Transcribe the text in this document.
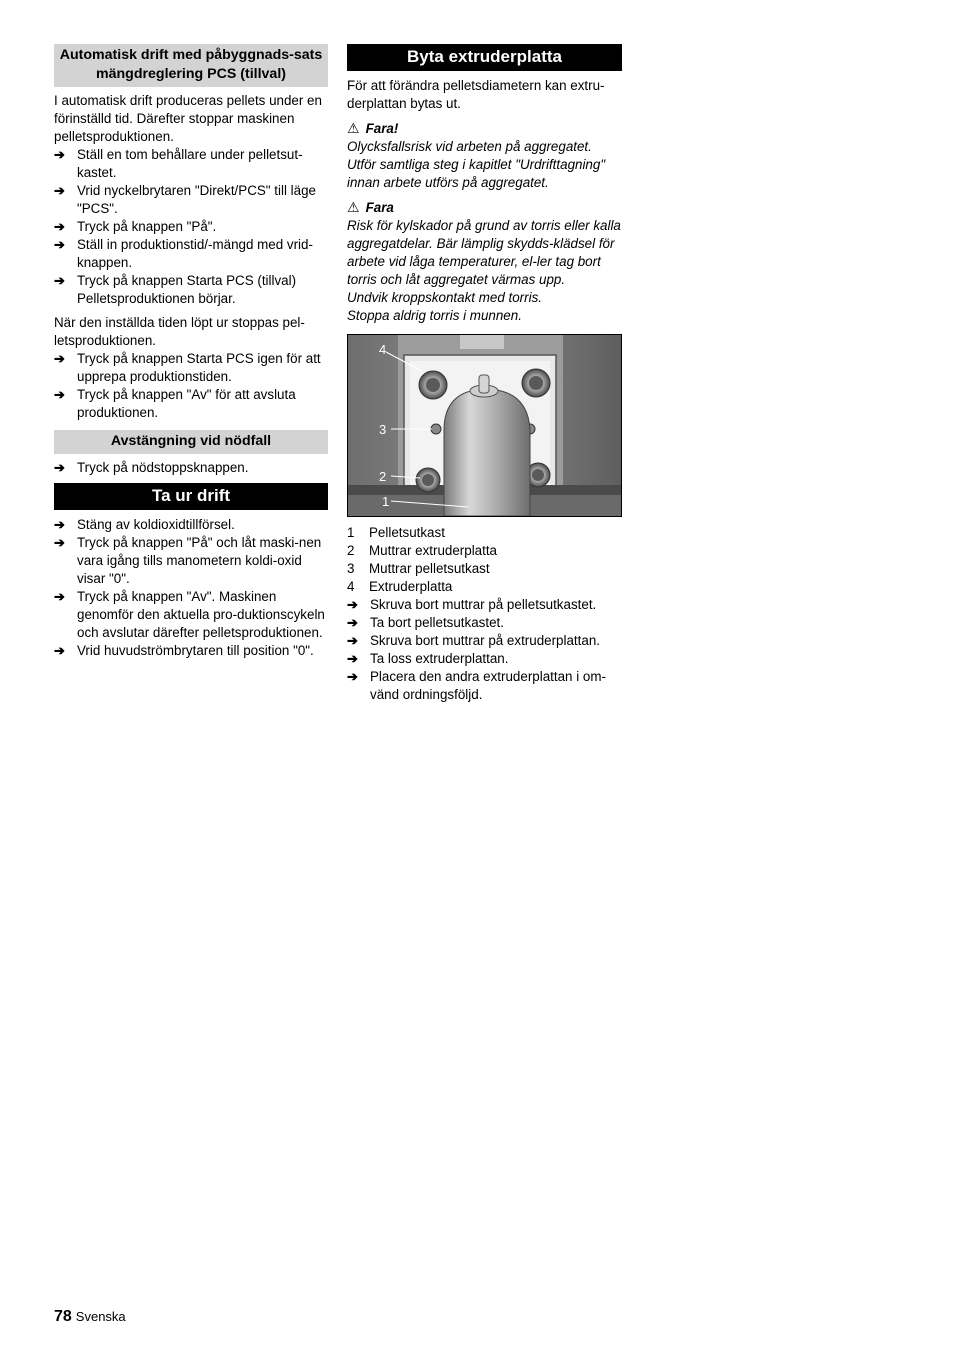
Automatisk drift med påbyggnads-sats mängdreglering PCS (tillval)

I automatisk drift produceras pellets under en förinställd tid. Därefter stoppar maskinen pelletsproduktionen.

➔ Ställ en tom behållare under pelletsut-kastet.
➔ Vrid nyckelbrytaren "Direkt/PCS" till läge "PCS".
➔ Tryck på knappen "På".
➔ Ställ in produktionstid/-mängd med vrid-knappen.
➔ Tryck på knappen Starta PCS (tillval) Pelletsproduktionen börjar.

När den inställda tiden löpt ur stoppas pel-letsproduktionen.

➔ Tryck på knappen Starta PCS igen för att upprepa produktionstiden.
➔ Tryck på knappen "Av" för att avsluta produktionen.
Avstängning vid nödfall
➔ Tryck på nödstoppsknappen.
Ta ur drift
➔ Stäng av koldioxidtillförsel.
➔ Tryck på knappen "På" och låt maski-nen vara igång tills manometern koldi-oxid visar "0".
➔ Tryck på knappen "Av". Maskinen genomför den aktuella pro-duktionscykeln och avslutar därefter pelletsproduktionen.
➔ Vrid huvudströmbrytaren till position "0".
Byta extruderplatta

För att förändra pelletsdiametern kan extru-derplattan bytas ut.

⚠ Fara!

Olycksfallsrisk vid arbeten på aggregatet. Utför samtliga steg i kapitlet "Urdrifttagning" innan arbete utförs på aggregatet.

⚠ Fara

Risk för kylskador på grund av torris eller kalla aggregatdelar. Bär lämplig skydds-klädsel för arbete vid låga temperaturer, el-ler tag bort torris och låt aggregatet värmas upp.

Undvik kroppskontakt med torris.

Stoppa aldrig torris i munnen.

4
3
2
1
1	Pelletsutkast
2	Muttrar extruderplatta
3	Muttrar pelletsutkast
4	Extruderplatta
➔ Skruva bort muttrar på pelletsutkastet.
➔ Ta bort pelletsutkastet.
➔ Skruva bort muttrar på extruderplattan.
➔ Ta loss extruderplattan.
➔ Placera den andra extruderplattan i om-vänd ordningsföljd.
78 Svenska
